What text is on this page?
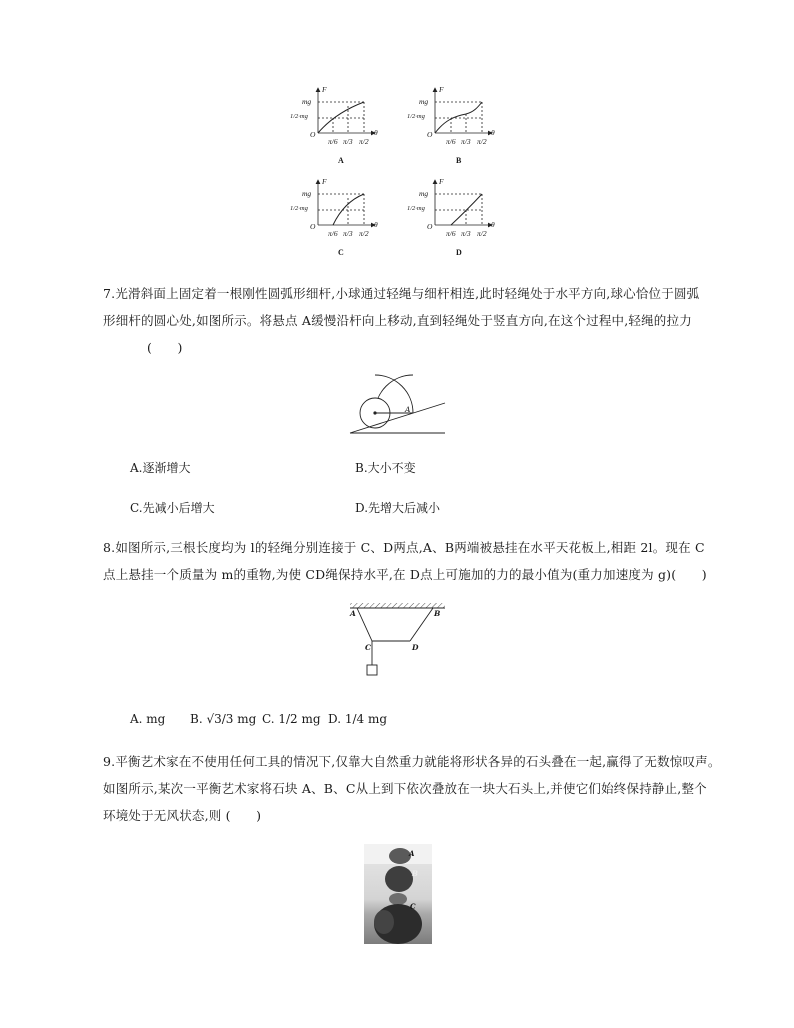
F
mg
1/2·mg
O	θ
π/6 π/3 π/2
A
F
mg
1/2·mg
O	θ
π/6 π/3 π/2
B
F
mg
1/2·mg
O	θ
π/6 π/3 π/2
C
F
mg
1/2·mg
O	θ
π/6 π/3 π/2
D
7.光滑斜面上固定着一根刚性圆弧形细杆,小球通过轻绳与细杆相连,此时轻绳处于水平方向,球心恰位于圆弧
形细杆的圆心处,如图所示。将悬点 A缓慢沿杆向上移动,直到轻绳处于竖直方向,在这个过程中,轻绳的拉力
(　　)
A
A.逐渐增大	B.大小不变
C.先减小后增大	D.先增大后减小
8.如图所示,三根长度均为 l的轻绳分别连接于 C、D两点,A、B两端被悬挂在水平天花板上,相距 2l。现在 C
点上悬挂一个质量为 m的重物,为使 CD绳保持水平,在 D点上可施加的力的最小值为(重力加速度为 g)(　　)
A	B
C	D
A. mg B. √3/3 mg C. 1/2 mg D. 1/4 mg
9.平衡艺术家在不使用任何工具的情况下,仅靠大自然重力就能将形状各异的石头叠在一起,赢得了无数惊叹声。
如图所示,某次一平衡艺术家将石块 A、B、C从上到下依次叠放在一块大石头上,并使它们始终保持静止,整个
环境处于无风状态,则 (　　)
A
B
C
